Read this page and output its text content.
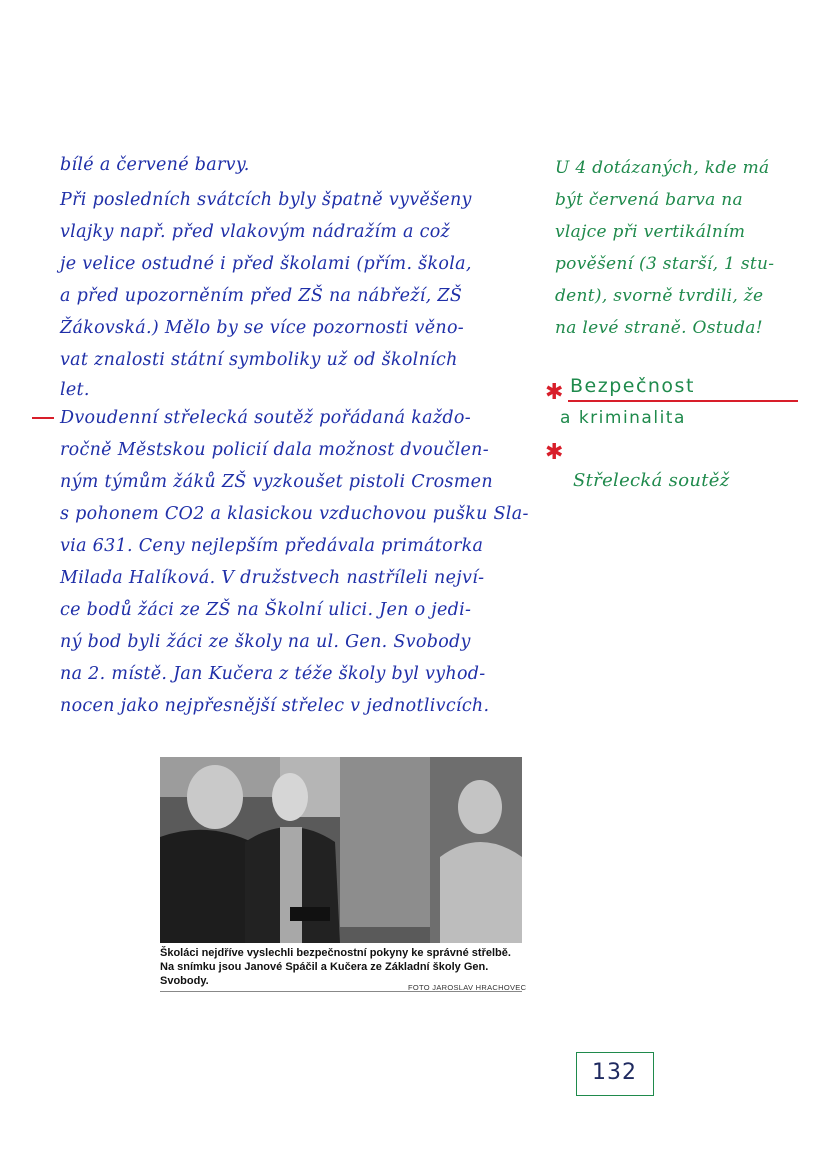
bílé a červené barvy.
Při posledních svátcích byly špatně vyvěšeny
vlajky např. před vlakovým nádražím a což
je velice ostudné i před školami (přím. škola,
a před upozorněním před ZŠ na nábřeží, ZŠ
Žákovská.) Mělo by se více pozornosti věno-
vat znalosti státní symboliky už od školních
let.
Dvoudenní střelecká soutěž pořádaná každo-
ročně Městskou policií dala možnost dvoučlen-
ným týmům žáků ZŠ vyzkoušet pistoli Crosmen
s pohonem CO2 a klasickou vzduchovou pušku Sla-
via 631. Ceny nejlepším předávala primátorka
Milada Halíková. V družstvech nastříleli nejví-
ce bodů žáci ze ZŠ na Školní ulici. Jen o jedi-
ný bod byli žáci ze školy na ul. Gen. Svobody
na 2. místě. Jan Kučera z téže školy byl vyhod-
nocen jako nejpřesnější střelec v jednotlivcích.
U 4 dotázaných, kde má
být červená barva na
vlajce při vertikálním
pověšení (3 starší, 1 stu-
dent), svorně tvrdili, že
na levé straně. Ostuda!
✱ Bezpečnost
a kriminalita
✱
Střelecká soutěž
Školáci nejdříve vyslechli bezpečnostní pokyny ke správné střelbě. Na snímku jsou Janové Spáčil a Kučera ze Základní školy Gen. Svobody.
FOTO JAROSLAV HRACHOVEC
132
